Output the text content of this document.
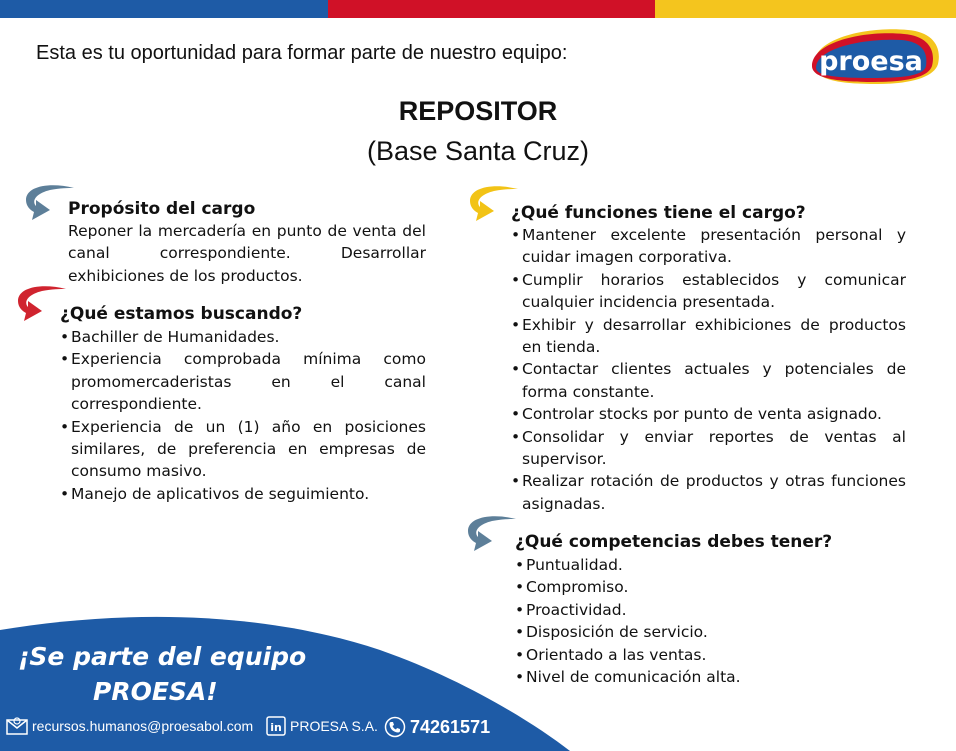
Esta es tu oportunidad para formar parte de nuestro equipo:	proesa
REPOSITOR
(Base Santa Cruz)
Propósito del cargo
Reponer la mercadería en punto de venta del canal correspondiente. Desarrollar exhibiciones de los productos.
¿Qué estamos buscando?
• Bachiller de Humanidades.
• Experiencia comprobada mínima como promomercaderistas en el canal correspondiente.
• Experiencia de un (1) año en posiciones similares, de preferencia en empresas de consumo masivo.
• Manejo de aplicativos de seguimiento.
¿Qué funciones tiene el cargo?
• Mantener excelente presentación personal y cuidar imagen corporativa.
• Cumplir horarios establecidos y comunicar cualquier incidencia presentada.
• Exhibir y desarrollar exhibiciones de productos en tienda.
• Contactar clientes actuales y potenciales de forma constante.
• Controlar stocks por punto de venta asignado.
• Consolidar y enviar reportes de ventas al supervisor.
• Realizar rotación de productos y otras funciones asignadas.
¿Qué competencias debes tener?
• Puntualidad.
• Compromiso.
• Proactividad.
• Disposición de servicio.
• Orientado a las ventas.
• Nivel de comunicación alta.
¡Se parte del equipo
PROESA!
recursos.humanos@proesabol.com in PROESA S.A. 74261571
